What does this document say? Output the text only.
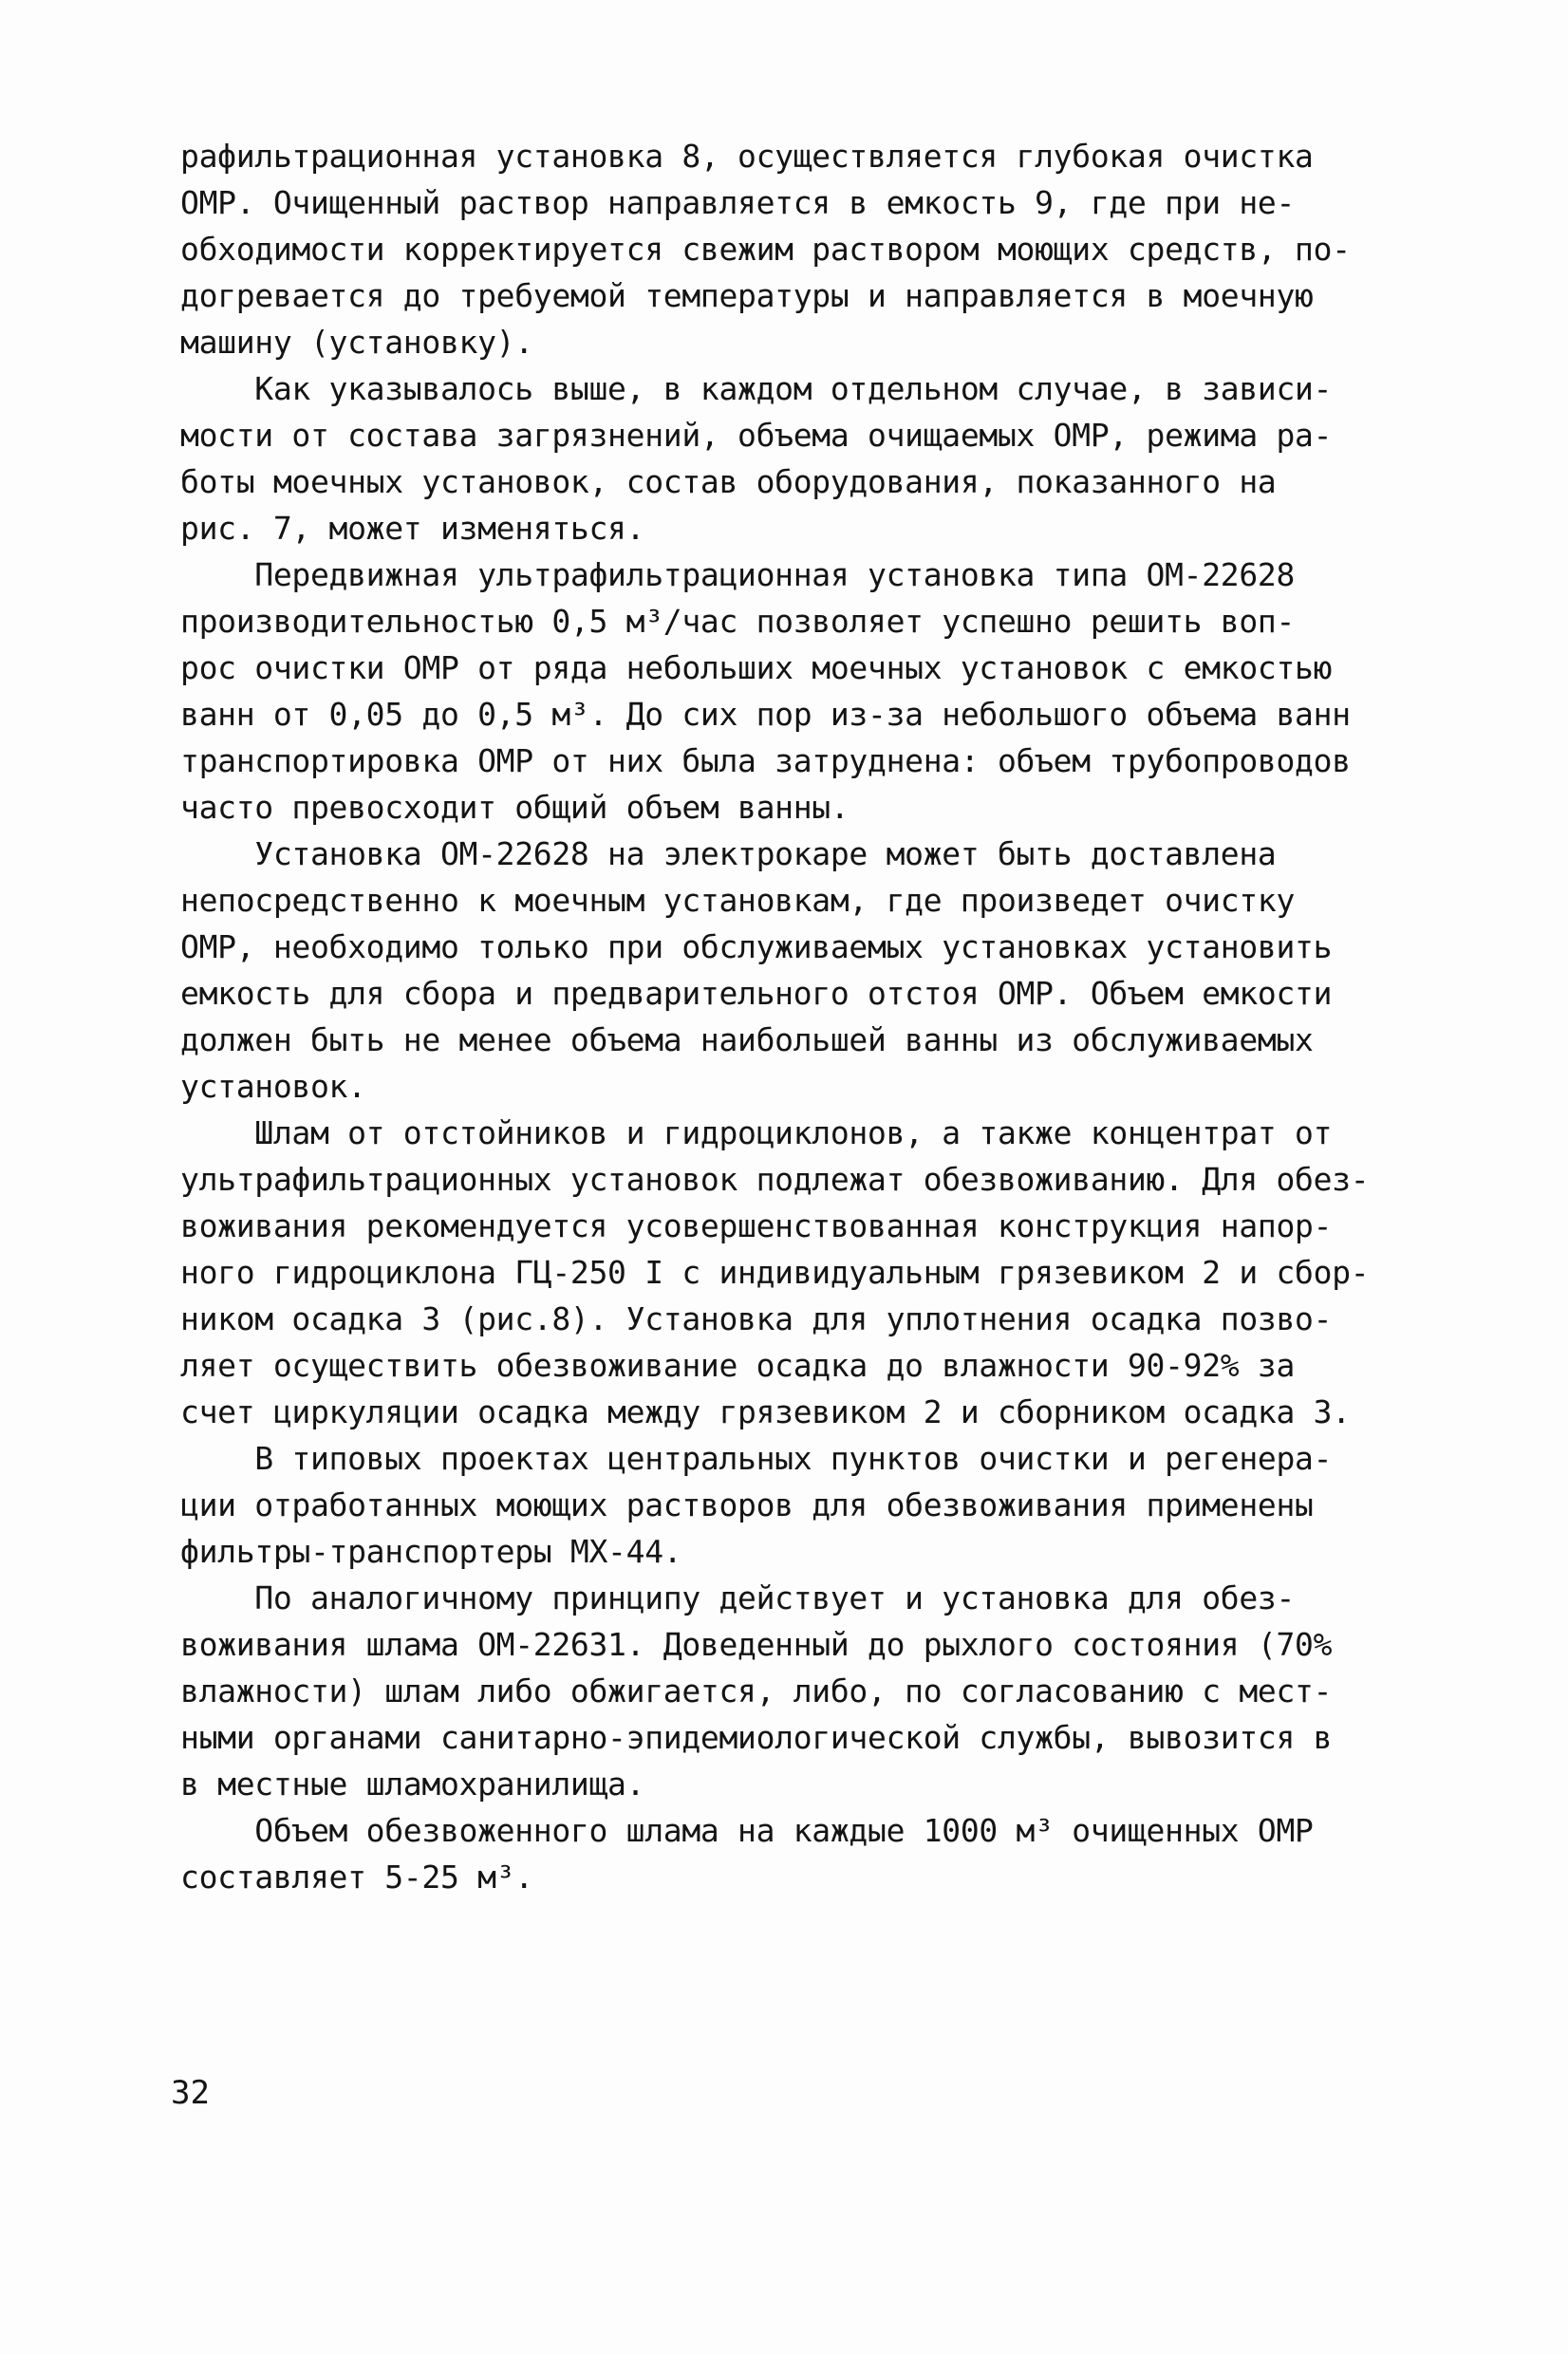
рафильтрационная установка 8, осуществляется глубокая очистка
ОМР. Очищенный раствор направляется в емкость 9, где при не-
обходимости корректируется свежим раствором моющих средств, по-
догревается до требуемой температуры и направляется в моечную
машину (установку).
Как указывалось выше, в каждом отдельном случае, в зависи-
мости от состава загрязнений, объема очищаемых ОМР, режима ра-
боты моечных установок, состав оборудования, показанного на
рис. 7, может изменяться.
Передвижная ультрафильтрационная установка типа ОМ-22628
производительностью 0,5 м³/час позволяет успешно решить воп-
рос очистки ОМР от ряда небольших моечных установок с емкостью
ванн от 0,05 до 0,5 м³. До сих пор из-за небольшого объема ванн
транспортировка ОМР от них была затруднена: объем трубопроводов
часто превосходит общий объем ванны.
Установка ОМ-22628 на электрокаре может быть доставлена
непосредственно к моечным установкам, где произведет очистку
ОМР, необходимо только при обслуживаемых установках установить
емкость для сбора и предварительного отстоя ОМР. Объем емкости
должен быть не менее объема наибольшей ванны из обслуживаемых
установок.
Шлам от отстойников и гидроциклонов, а также концентрат от
ультрафильтрационных установок подлежат обезвоживанию. Для обез-
воживания рекомендуется усовершенствованная конструкция напор-
ного гидроциклона ГЦ-250 I с индивидуальным грязевиком 2 и сбор-
ником осадка 3 (рис.8). Установка для уплотнения осадка позво-
ляет осуществить обезвоживание осадка до влажности 90-92% за
счет циркуляции осадка между грязевиком 2 и сборником осадка 3.
В типовых проектах центральных пунктов очистки и регенера-
ции отработанных моющих растворов для обезвоживания применены
фильтры-транспортеры МХ-44.
По аналогичному принципу действует и установка для обез-
воживания шлама ОМ-22631. Доведенный до рыхлого состояния (70%
влажности) шлам либо обжигается, либо, по согласованию с мест-
ными органами санитарно-эпидемиологической службы, вывозится в
в местные шламохранилища.
Объем обезвоженного шлама на каждые 1000 м³ очищенных ОМР
составляет 5-25 м³.
32
